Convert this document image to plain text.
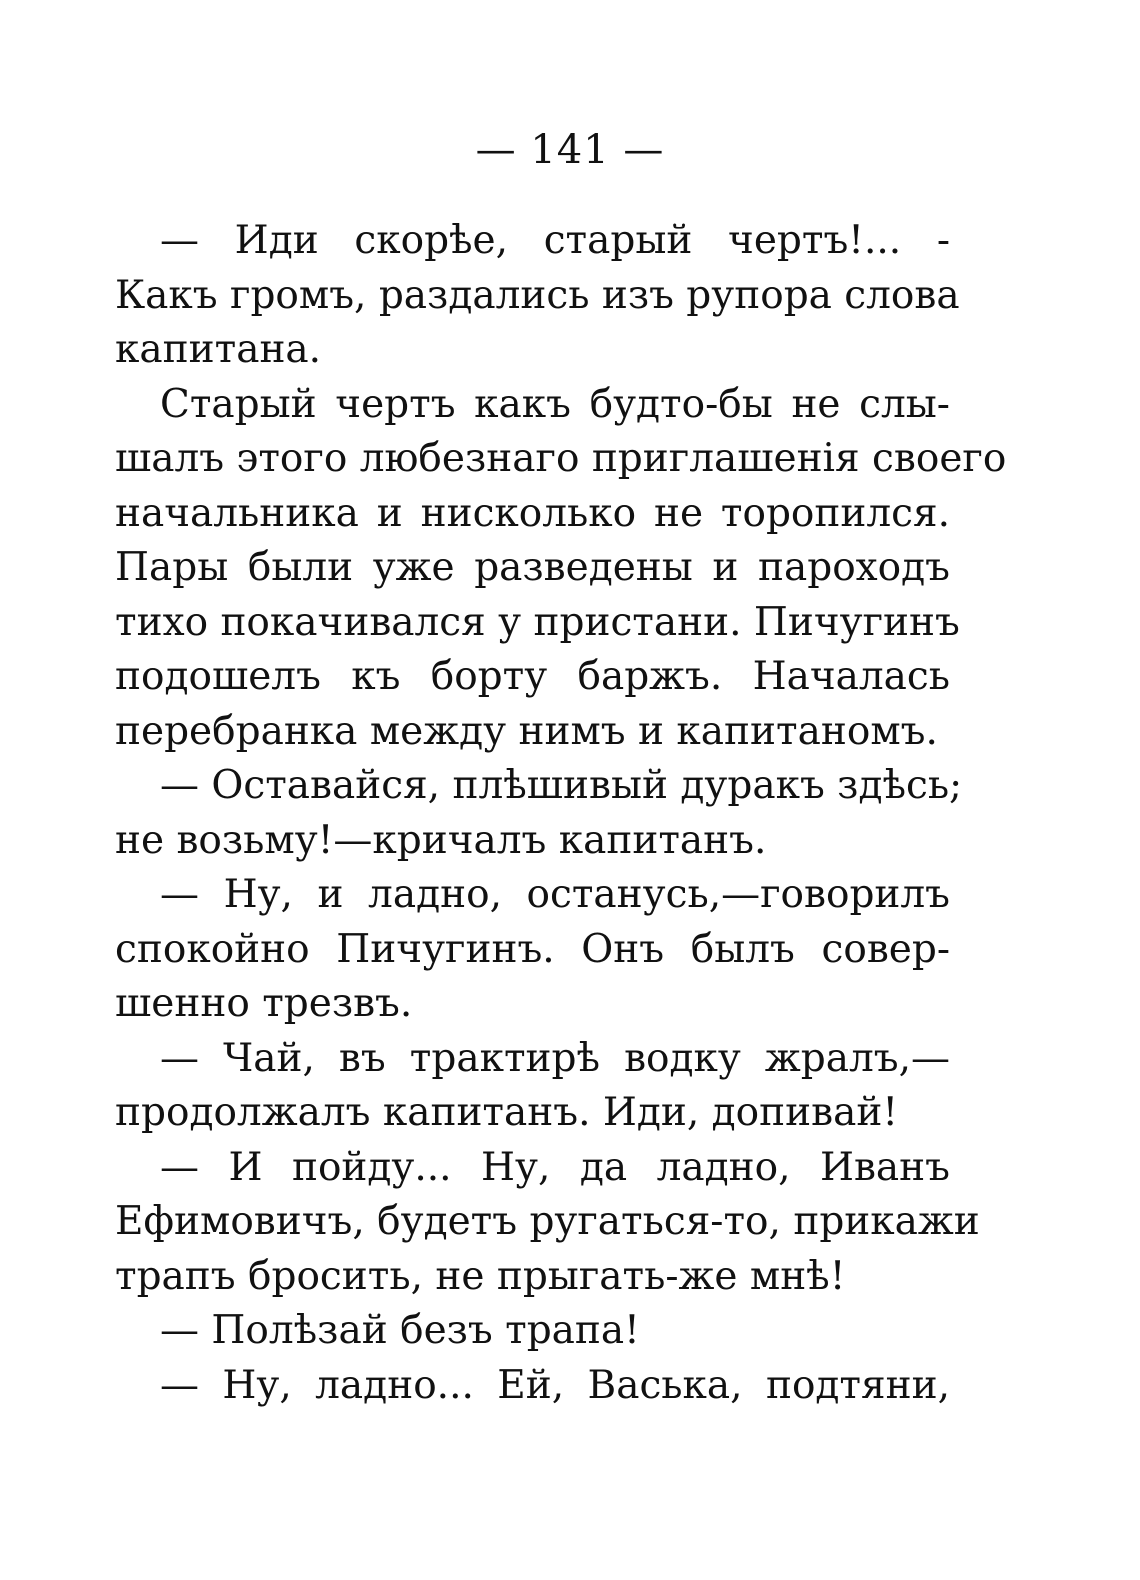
— 141 —
— Иди скорѣе, старый чертъ!... -
Какъ громъ, раздались изъ рупора слова
капитана.
Старый чертъ какъ будто-бы не слы-
шалъ этого любезнаго приглашенія своего
начальника и нисколько не торопился.
Пары были уже разведены и пароходъ
тихо покачивался у пристани. Пичугинъ
подошелъ къ борту баржъ. Началась
перебранка между нимъ и капитаномъ.
— Оставайся, плѣшивый дуракъ здѣсь;
не возьму!—кричалъ капитанъ.
— Ну, и ладно, останусь,—говорилъ
спокойно Пичугинъ. Онъ былъ совер-
шенно трезвъ.
— Чай, въ трактирѣ водку жралъ,—
продолжалъ капитанъ. Иди, допивай!
— И пойду... Ну, да ладно, Иванъ
Ефимовичъ, будетъ ругаться-то, прикажи
трапъ бросить, не прыгать-же мнѣ!
— Полѣзай безъ трапа!
— Ну, ладно... Ей, Васька, подтяни,
